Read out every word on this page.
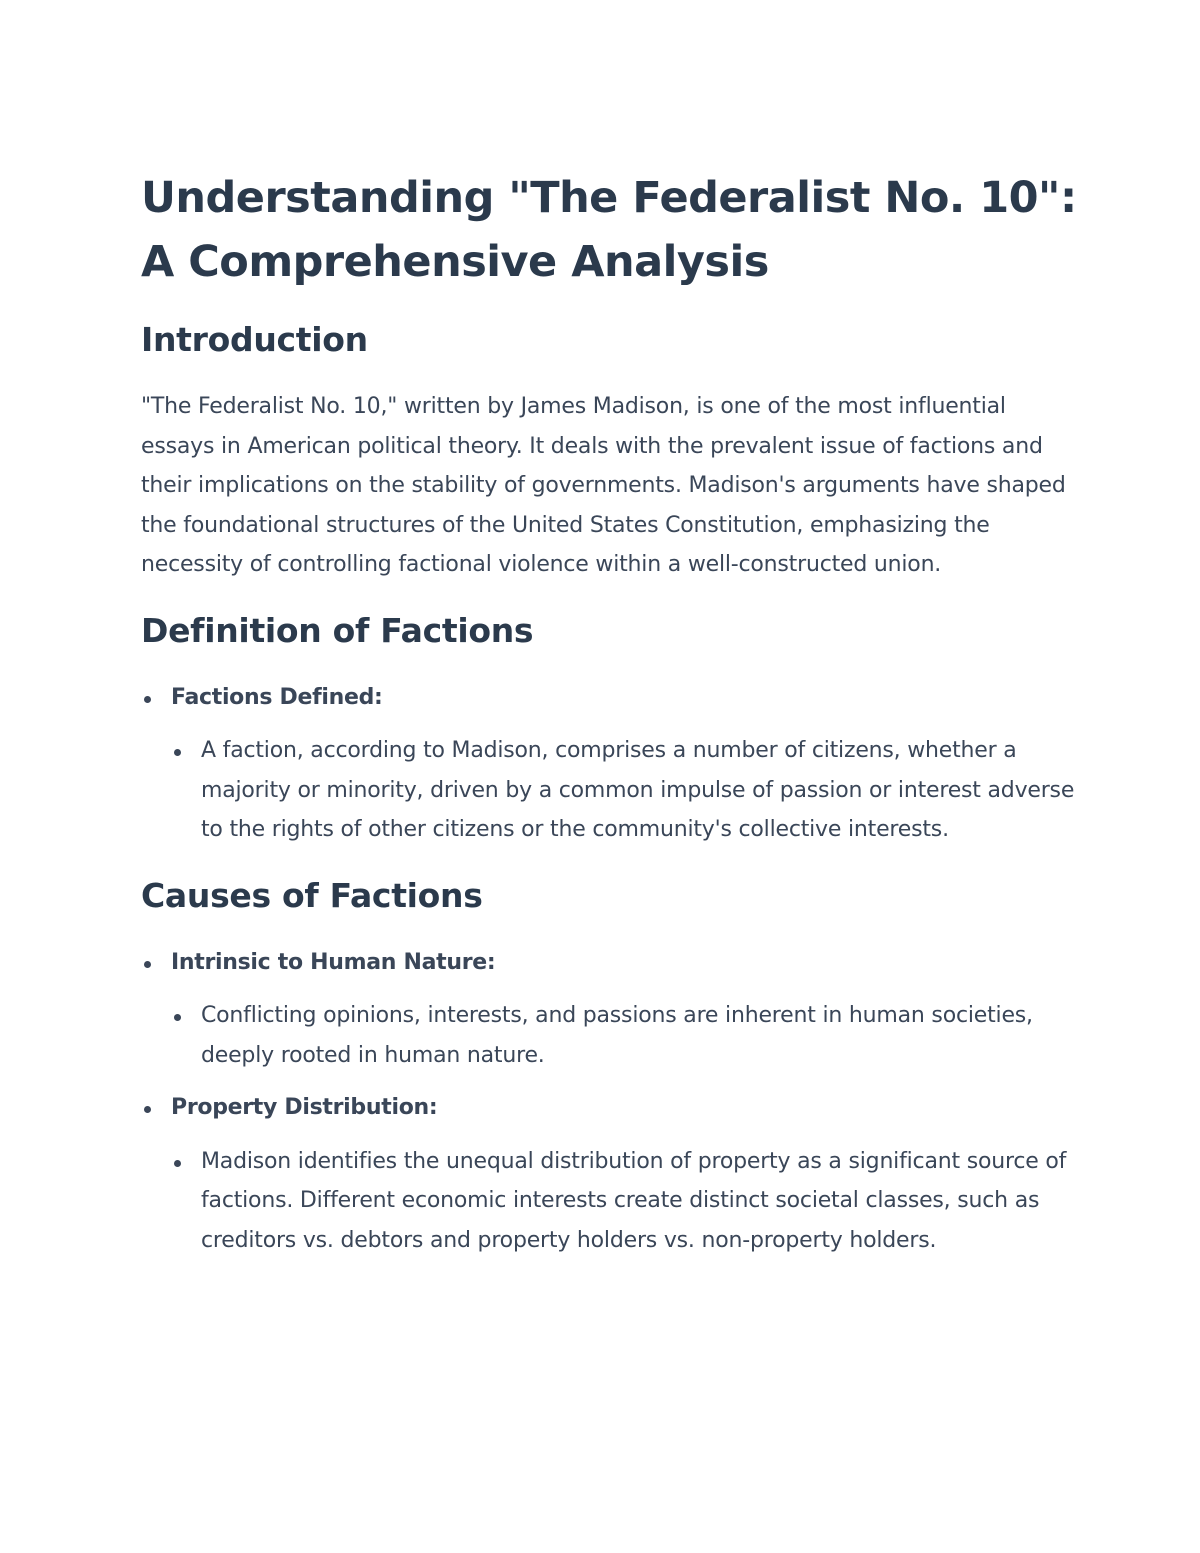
Understanding "The Federalist No. 10": A Comprehensive Analysis
Introduction

"The Federalist No. 10," written by James Madison, is one of the most influential essays in American political theory. It deals with the prevalent issue of factions and their implications on the stability of governments. Madison's arguments have shaped the foundational structures of the United States Constitution, emphasizing the necessity of controlling factional violence within a well-constructed union.

Definition of Factions
Factions Defined:
A faction, according to Madison, comprises a number of citizens, whether a majority or minority, driven by a common impulse of passion or interest adverse to the rights of other citizens or the community's collective interests.
Causes of Factions
Intrinsic to Human Nature:
Conflicting opinions, interests, and passions are inherent in human societies, deeply rooted in human nature.
Property Distribution:
Madison identifies the unequal distribution of property as a significant source of factions. Different economic interests create distinct societal classes, such as creditors vs. debtors and property holders vs. non-property holders.
